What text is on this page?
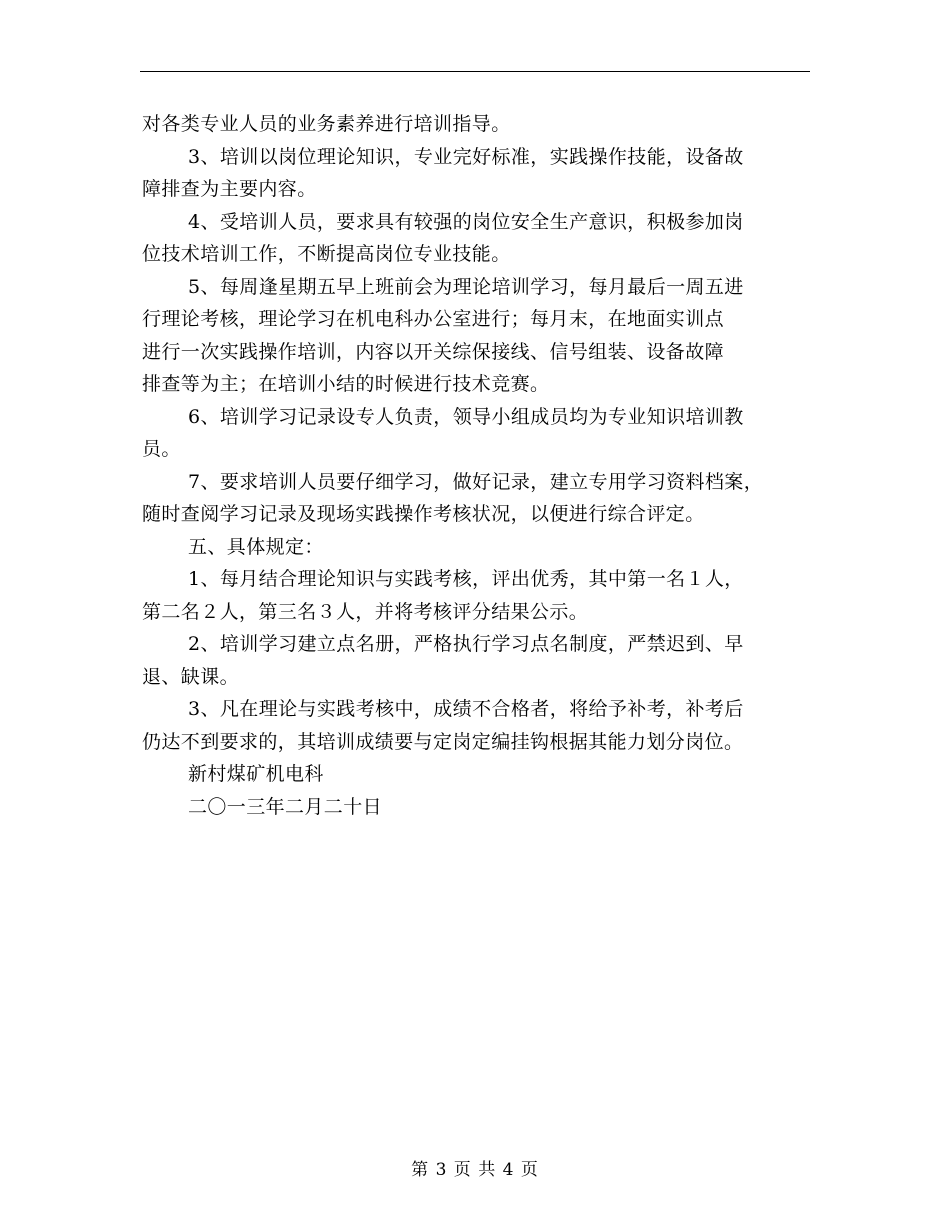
对各类专业人员的业务素养进行培训指导。
3、培训以岗位理论知识，专业完好标准，实践操作技能，设备故
障排查为主要内容。
4、受培训人员，要求具有较强的岗位安全生产意识，积极参加岗
位技术培训工作，不断提高岗位专业技能。
5、每周逢星期五早上班前会为理论培训学习，每月最后一周五进
行理论考核，理论学习在机电科办公室进行；每月末，在地面实训点
进行一次实践操作培训，内容以开关综保接线、信号组装、设备故障
排查等为主；在培训小结的时候进行技术竞赛。
6、培训学习记录设专人负责，领导小组成员均为专业知识培训教
员。
7、要求培训人员要仔细学习，做好记录，建立专用学习资料档案，
随时查阅学习记录及现场实践操作考核状况，以便进行综合评定。
五、具体规定：
1、每月结合理论知识与实践考核，评出优秀，其中第一名１人，
第二名２人，第三名３人，并将考核评分结果公示。
2、培训学习建立点名册，严格执行学习点名制度，严禁迟到、早
退、缺课。
3、凡在理论与实践考核中，成绩不合格者，将给予补考，补考后
仍达不到要求的，其培训成绩要与定岗定编挂钩根据其能力划分岗位。
新村煤矿机电科
二〇一三年二月二十日
第 3 页 共 4 页
